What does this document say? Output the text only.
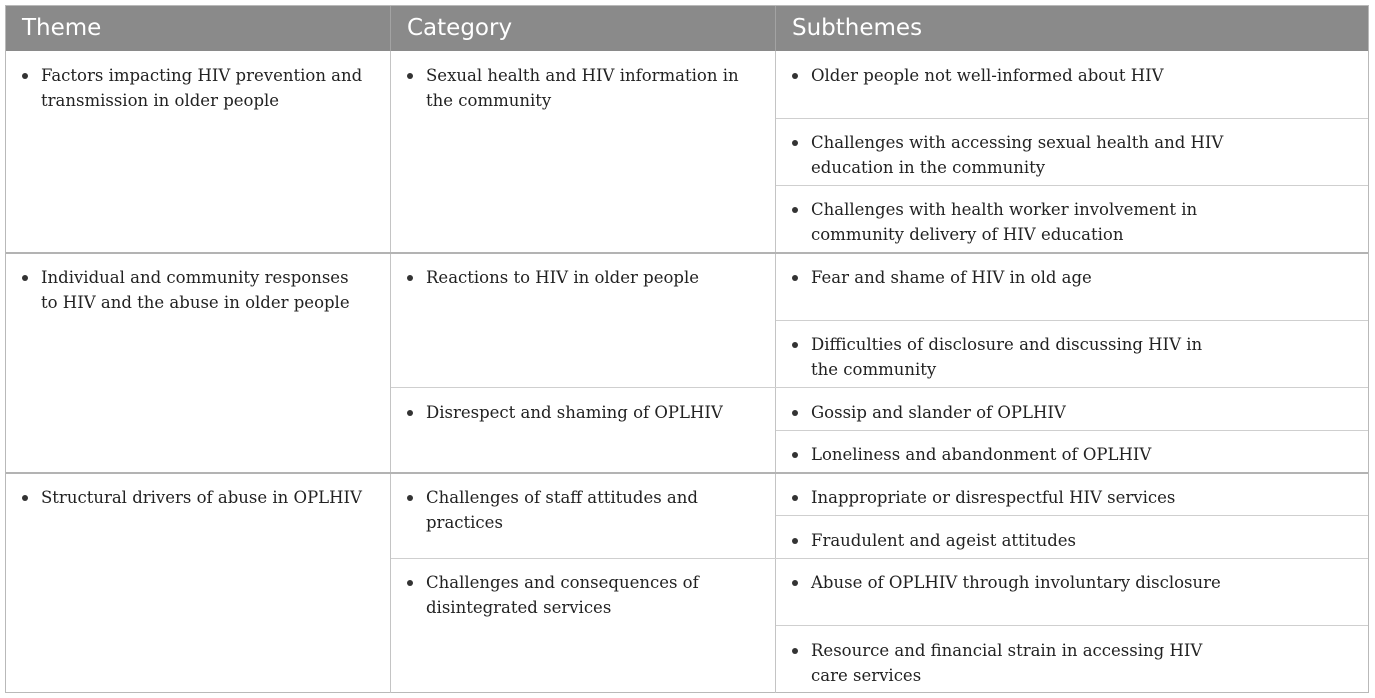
Theme	Category	Subthemes
Factors impacting HIV prevention and transmission in older people
Individual and community responses to HIV and the abuse in older people
Structural drivers of abuse in OPLHIV
Sexual health and HIV information in the community
Reactions to HIV in older people
Disrespect and shaming of OPLHIV
Challenges of staff attitudes and practices
Challenges and consequences of disintegrated services
Older people not well-informed about HIV
Challenges with accessing sexual health and HIV education in the community
Challenges with health worker involvement in community delivery of HIV education
Fear and shame of HIV in old age
Difficulties of disclosure and discussing HIV in the community
Gossip and slander of OPLHIV
Loneliness and abandonment of OPLHIV
Inappropriate or disrespectful HIV services
Fraudulent and ageist attitudes
Abuse of OPLHIV through involuntary disclosure
Resource and financial strain in accessing HIV care services
